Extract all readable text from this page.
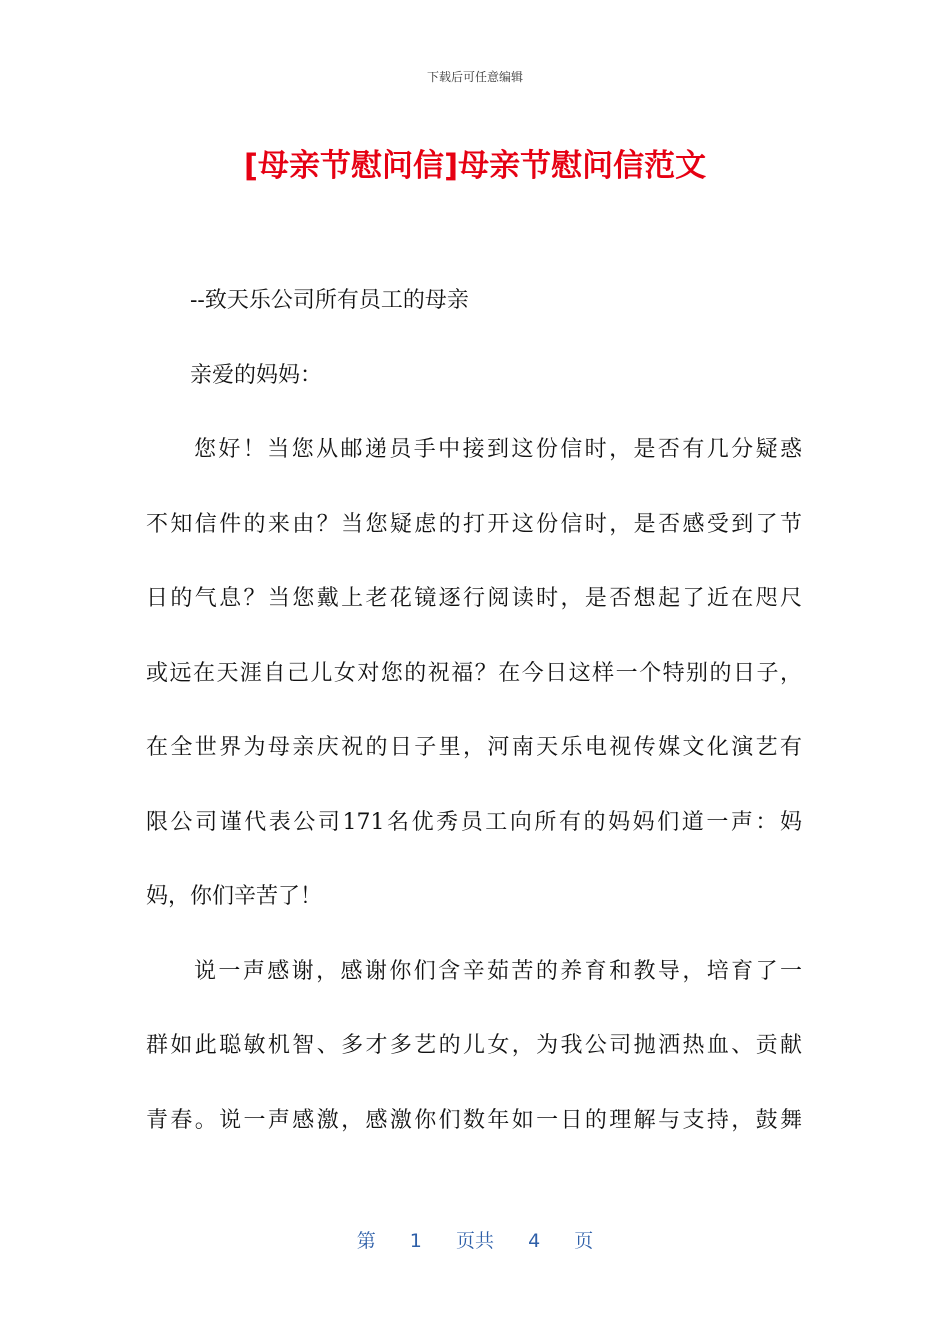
下载后可任意编辑
[母亲节慰问信]母亲节慰问信范文

--致天乐公司所有员工的母亲

亲爱的妈妈：

您好！当您从邮递员手中接到这份信时，是否有几分疑惑
不知信件的来由？当您疑虑的打开这份信时，是否感受到了节
日的气息？当您戴上老花镜逐行阅读时，是否想起了近在咫尺
或远在天涯自己儿女对您的祝福？在今日这样一个特别的日子，
在全世界为母亲庆祝的日子里，河南天乐电视传媒文化演艺有
限公司谨代表公司171名优秀员工向所有的妈妈们道一声：妈
妈，你们辛苦了！
说一声感谢，感谢你们含辛茹苦的养育和教导，培育了一
群如此聪敏机智、多才多艺的儿女，为我公司抛洒热血、贡献
青春。说一声感激，感激你们数年如一日的理解与支持，鼓舞
第 1 页共 4 页
